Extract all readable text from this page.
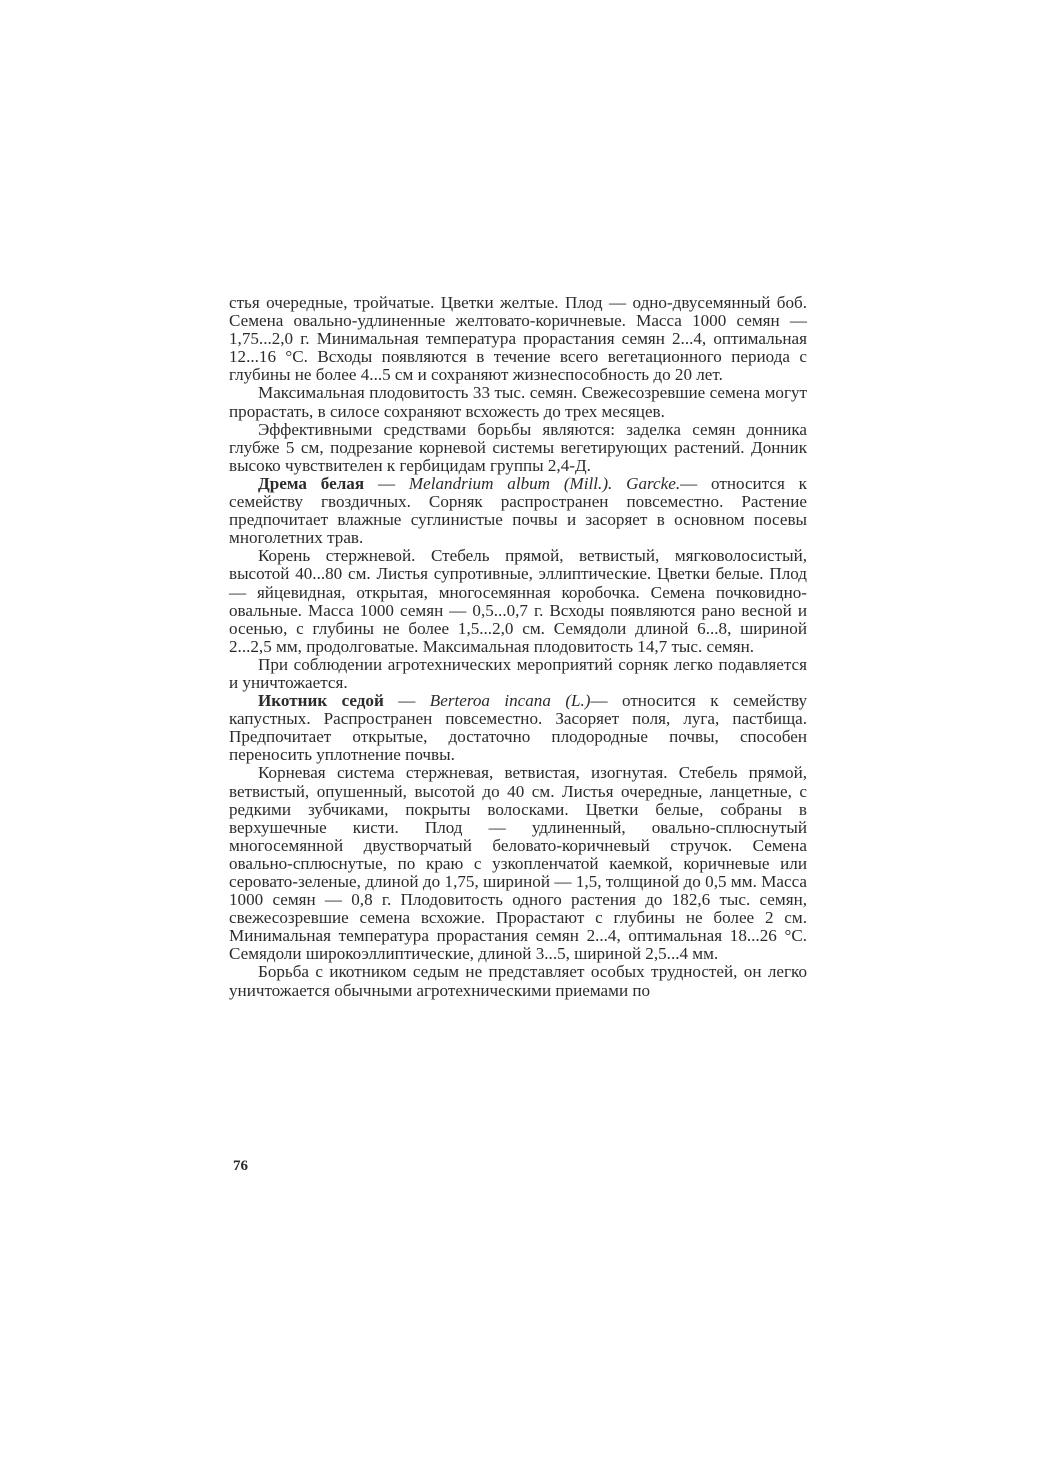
стья очередные, тройчатые. Цветки желтые. Плод — одно-двусемянный боб. Семена овально-удлиненные желтовато-коричневые. Масса 1000 семян — 1,75...2,0 г. Минимальная температура прорастания семян 2...4, оптимальная 12...16 °С. Всходы появляются в течение всего вегетационного периода с глубины не более 4...5 см и сохраняют жизнеспособность до 20 лет.

Максимальная плодовитость 33 тыс. семян. Свежесозревшие семена могут прорастать, в силосе сохраняют всхожесть до трех месяцев.

Эффективными средствами борьбы являются: заделка семян донника глубже 5 см, подрезание корневой системы вегетирующих растений. Донник высоко чувствителен к гербицидам группы 2,4-Д.

Дрема белая — Melandrium album (Mill.). Garcke.— относится к семейству гвоздичных. Сорняк распространен повсеместно. Растение предпочитает влажные суглинистые почвы и засоряет в основном посевы многолетних трав.

Корень стержневой. Стебель прямой, ветвистый, мягковолосистый, высотой 40...80 см. Листья супротивные, эллиптические. Цветки белые. Плод — яйцевидная, открытая, многосемянная коробочка. Семена почковидно-овальные. Масса 1000 семян — 0,5...0,7 г. Всходы появляются рано весной и осенью, с глубины не более 1,5...2,0 см. Семядоли длиной 6...8, шириной 2...2,5 мм, продолговатые. Максимальная плодовитость 14,7 тыс. семян.

При соблюдении агротехнических мероприятий сорняк легко подавляется и уничтожается.

Икотник седой — Berteroa incana (L.)— относится к семейству капустных. Распространен повсеместно. Засоряет поля, луга, пастбища. Предпочитает открытые, достаточно плодородные почвы, способен переносить уплотнение почвы.

Корневая система стержневая, ветвистая, изогнутая. Стебель прямой, ветвистый, опушенный, высотой до 40 см. Листья очередные, ланцетные, с редкими зубчиками, покрыты волосками. Цветки белые, собраны в верхушечные кисти. Плод — удлиненный, овально-сплюснутый многосемянной двустворчатый беловато-коричневый стручок. Семена овально-сплюснутые, по краю с узкопленчатой каемкой, коричневые или серовато-зеленые, длиной до 1,75, шириной — 1,5, толщиной до 0,5 мм. Масса 1000 семян — 0,8 г. Плодовитость одного растения до 182,6 тыс. семян, свежесозревшие семена всхожие. Прорастают с глубины не более 2 см. Минимальная температура прорастания семян 2...4, оптимальная 18...26 °С. Семядоли широкоэллиптические, длиной 3...5, шириной 2,5...4 мм.

Борьба с икотником седым не представляет особых трудностей, он легко уничтожается обычными агротехническими приемами по

76
